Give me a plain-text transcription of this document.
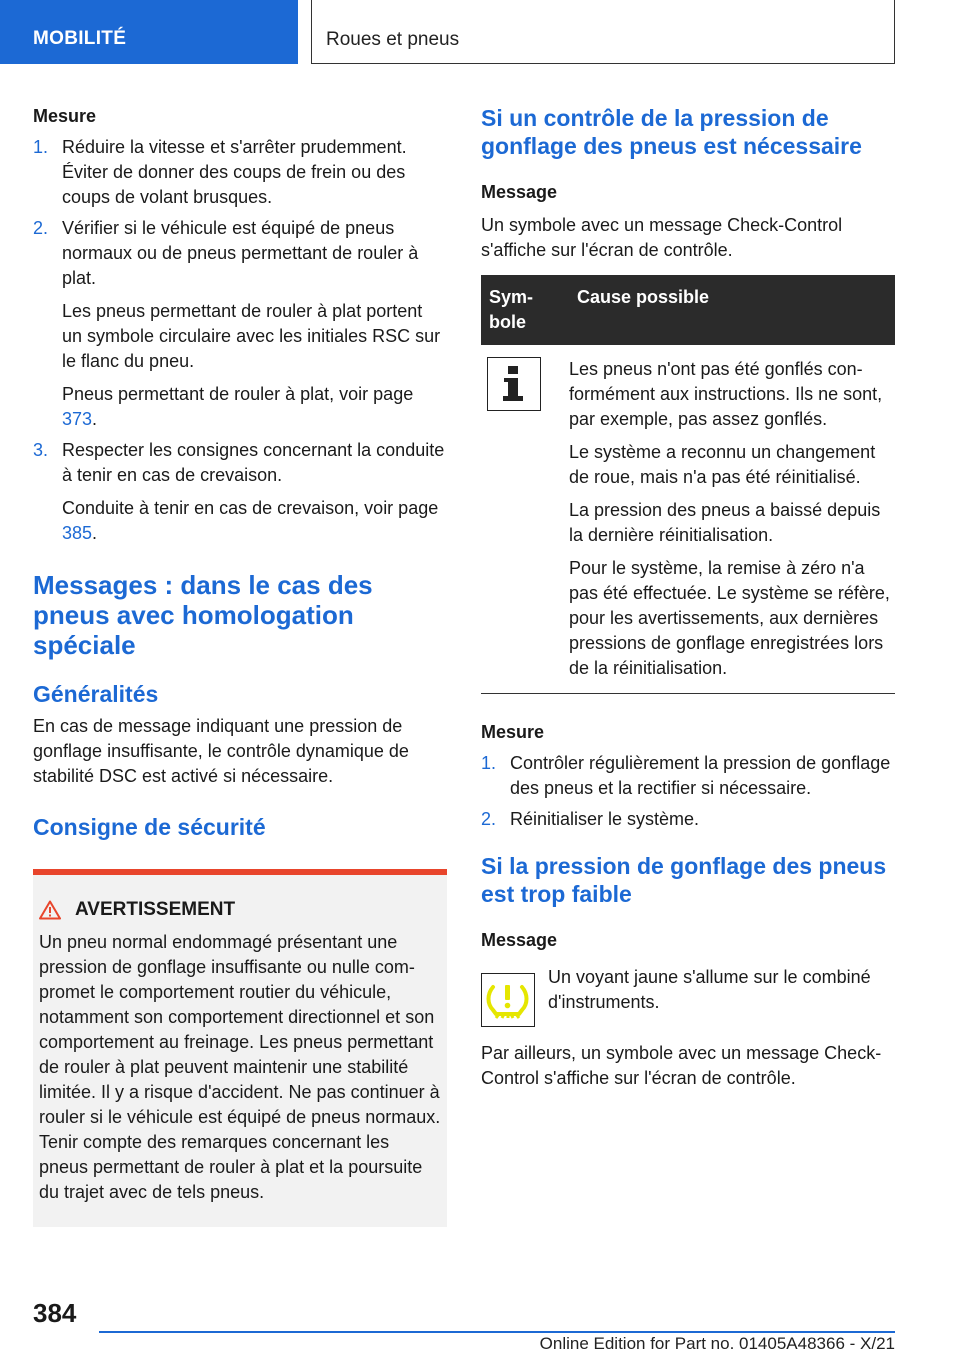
MOBILITÉ	Roues et pneus

Mesure

1. Réduire la vitesse et s'arrêter prudemment. Éviter de donner des coups de frein ou des coups de volant brusques.

2. Vérifier si le véhicule est équipé de pneus normaux ou de pneus permettant de rouler à plat.

Les pneus permettant de rouler à plat portent un symbole circulaire avec les initiales RSC sur le flanc du pneu.

Pneus permettant de rouler à plat, voir page 373.

3. Respecter les consignes concernant la conduite à tenir en cas de crevaison.

Conduite à tenir en cas de crevaison, voir page 385.

Messages : dans le cas des pneus avec homologation spéciale
Généralités

En cas de message indiquant une pression de gonflage insuffisante, le contrôle dynamique de stabilité DSC est activé si nécessaire.

Consigne de sécurité
AVERTISSEMENT

Un pneu normal endommagé présentant une pression de gonflage insuffisante ou nulle compromet le comportement routier du véhicule, notamment son comportement directionnel et son comportement au freinage. Les pneus permettant de rouler à plat peuvent maintenir une stabilité limitée. Il y a risque d'accident. Ne pas continuer à rouler si le véhicule est équipé de pneus normaux. Tenir compte des remarques concernant les pneus permettant de rouler à plat et la poursuite du trajet avec de tels pneus.

Si un contrôle de la pression de gonflage des pneus est nécessaire

Message

Un symbole avec un message Check-Control s'affiche sur l'écran de contrôle.

Symbole	Cause possible

Les pneus n'ont pas été gonflés conformément aux instructions. Ils ne sont, par exemple, pas assez gonflés.

Le système a reconnu un changement de roue, mais n'a pas été réinitialisé.

La pression des pneus a baissé depuis la dernière réinitialisation.

Pour le système, la remise à zéro n'a pas été effectuée. Le système se réfère, pour les avertissements, aux dernières pressions de gonflage enregistrées lors de la réinitialisation.

Mesure

1. Contrôler régulièrement la pression de gonflage des pneus et la rectifier si nécessaire.

2. Réinitialiser le système.

Si la pression de gonflage des pneus est trop faible

Message

Un voyant jaune s'allume sur le combiné d'instruments.

Par ailleurs, un symbole avec un message Check-Control s'affiche sur l'écran de contrôle.

384
Online Edition for Part no. 01405A48366 - X/21
